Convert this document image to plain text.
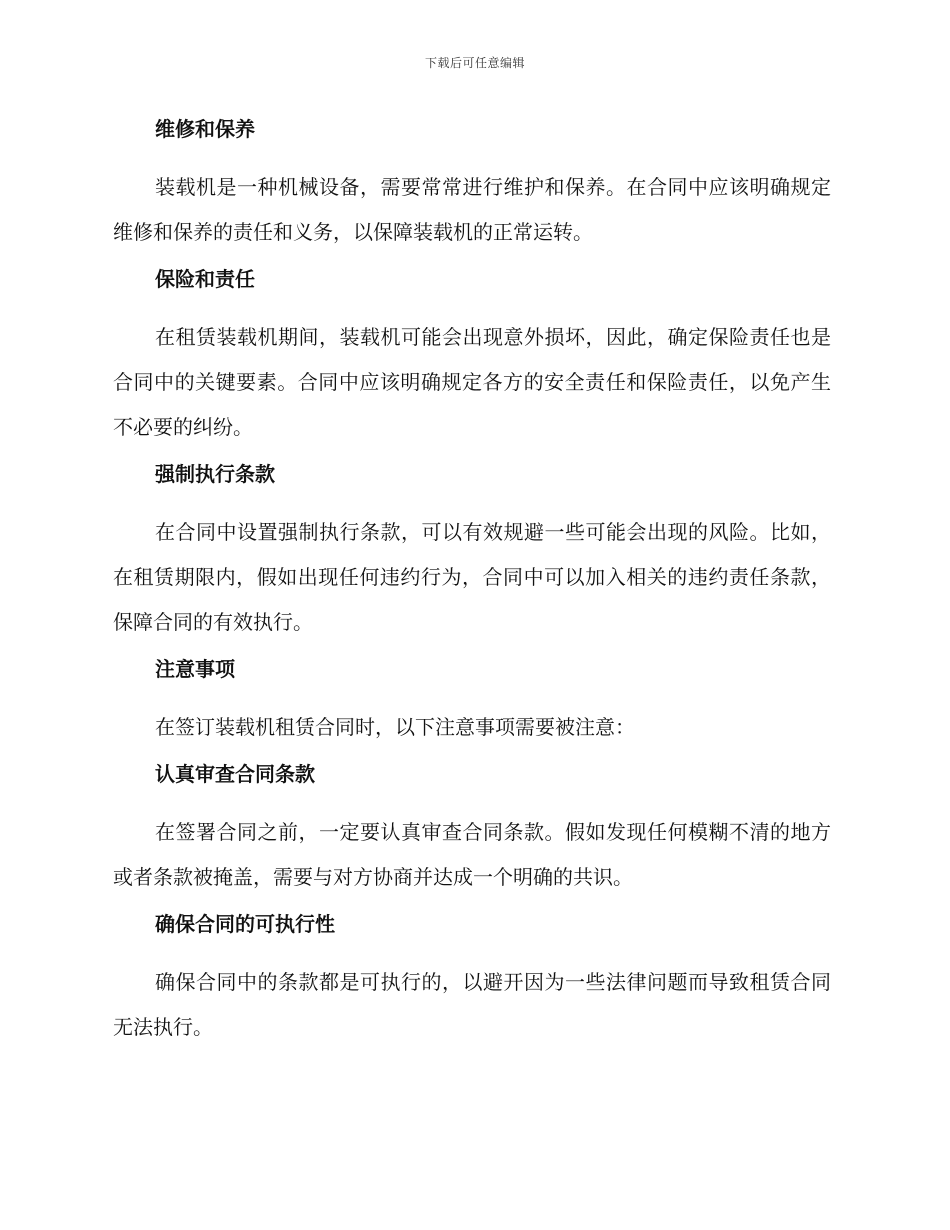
下载后可任意编辑
维修和保养

装载机是一种机械设备，需要常常进行维护和保养。在合同中应该明确规定维修和保养的责任和义务，以保障装载机的正常运转。

保险和责任

在租赁装载机期间，装载机可能会出现意外损坏，因此，确定保险责任也是合同中的关键要素。合同中应该明确规定各方的安全责任和保险责任，以免产生不必要的纠纷。

强制执行条款

在合同中设置强制执行条款，可以有效规避一些可能会出现的风险。比如，在租赁期限内，假如出现任何违约行为，合同中可以加入相关的违约责任条款，保障合同的有效执行。

注意事项

在签订装载机租赁合同时，以下注意事项需要被注意：

认真审查合同条款

在签署合同之前，一定要认真审查合同条款。假如发现任何模糊不清的地方或者条款被掩盖，需要与对方协商并达成一个明确的共识。

确保合同的可执行性

确保合同中的条款都是可执行的，以避开因为一些法律问题而导致租赁合同无法执行。
